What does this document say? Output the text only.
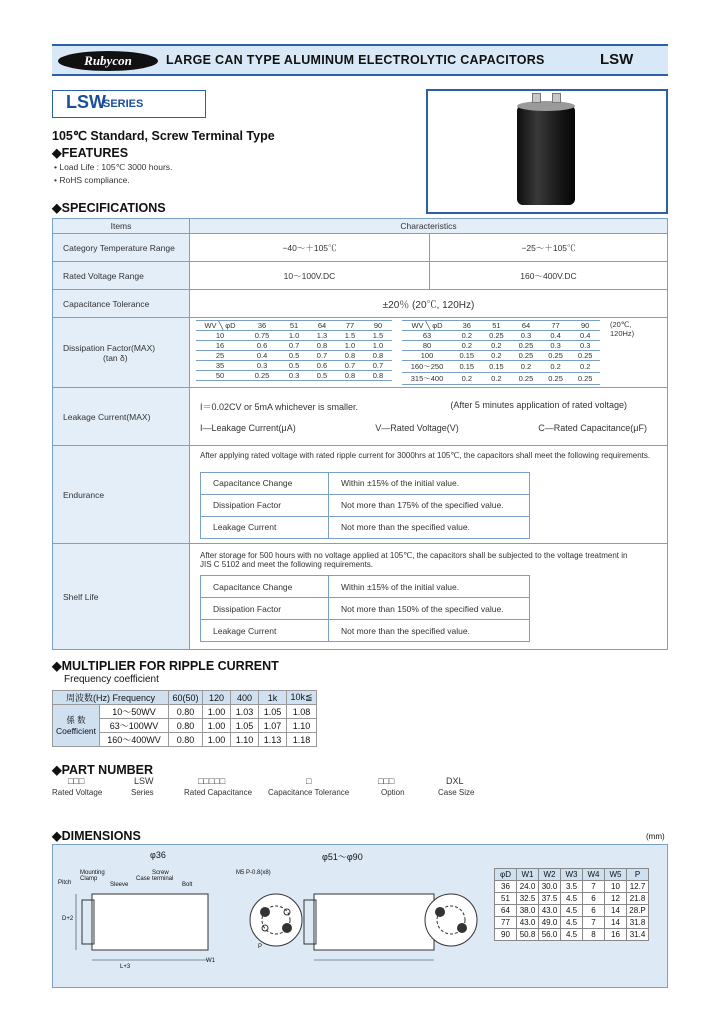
Rubycon	LARGE CAN TYPE ALUMINUM ELECTROLYTIC CAPACITORS	LSW
LSW
SERIES
105℃ Standard, Screw Terminal Type
◆FEATURES
• Load Life : 105℃ 3000 hours.
• RoHS compliance.
◆SPECIFICATIONS
Items	Characteristics
Category Temperature Range	−40～＋105℃	−25～＋105℃
Rated Voltage Range	10～100V.DC	160～400V.DC
Capacitance Tolerance	±20％ (20℃, 120Hz)

Dissipation Factor(MAX)
(tan δ)

WV ╲ φD	36	51	64	77	90
10	0.75	1.0	1.3	1.5	1.5
16	0.6	0.7	0.8	1.0	1.0
25	0.4	0.5	0.7	0.8	0.8
35	0.3	0.5	0.6	0.7	0.7
50	0.25	0.3	0.5	0.8	0.8
WV ╲ φD	36	51	64	77	90
63	0.2	0.25	0.3	0.4	0.4
80	0.2	0.2	0.25	0.3	0.3
100	0.15	0.2	0.25	0.25	0.25
160～250	0.15	0.15	0.2	0.2	0.2
315～400	0.2	0.2	0.25	0.25	0.25
(20℃, 120Hz)

Leakage Current(MAX)	
I＝0.02CV or 5mA whichever is smaller.	(After 5 minutes application of rated voltage)
I—Leakage Current(μA)	V—Rated Voltage(V)	C—Rated Capacitance(μF)

Endurance	
After applying rated voltage with rated ripple current for 3000hrs at 105℃, the capacitors shall meet the following requirements.
Capacitance Change	Within ±15% of the initial value.
Dissipation Factor	Not more than 175% of the specified value.
Leakage Current	Not more than the specified value.

Shelf Life	
After storage for 500 hours with no voltage applied at 105℃, the capacitors shall be subjected to the voltage treatment in
JIS C 5102 and meet the following requirements.
Capacitance Change	Within ±15% of the initial value.
Dissipation Factor	Not more than 150% of the specified value.
Leakage Current	Not more than the specified value.
◆MULTIPLIER FOR RIPPLE CURRENT
Frequency coefficient
周波数(Hz) Frequency		60(50)	120	400	1k	10k≦

係 数
Coefficient	10～50WV	0.80	1.00	1.03	1.05	1.08
	63～100WV	0.80	1.00	1.05	1.07	1.10
	160～400WV	0.80	1.00	1.10	1.13	1.18
◆PART NUMBER
□□□	LSW	□□□□□	□	□□□	DXL
Rated Voltage	Series	Rated Capacitance Capacitance Tolerance	Option	Case Size
◆DIMENSIONS	(mm)
φ36	φ51～φ90
Mounting Clamp
Sleeve
Case
Screw terminal
Bolt
Pitch
M5 P-0.8(x8)
L+3
W1
P
D+2
φD	W1	W2	W3	W4	W5	P
36	24.0	30.0	3.5	7	10	12.7
51	32.5	37.5	4.5	6	12	21.8
64	38.0	43.0	4.5	6	14	28.P
77	43.0	49.0	4.5	7	14	31.8
90	50.8	56.0	4.5	8	16	31.4
